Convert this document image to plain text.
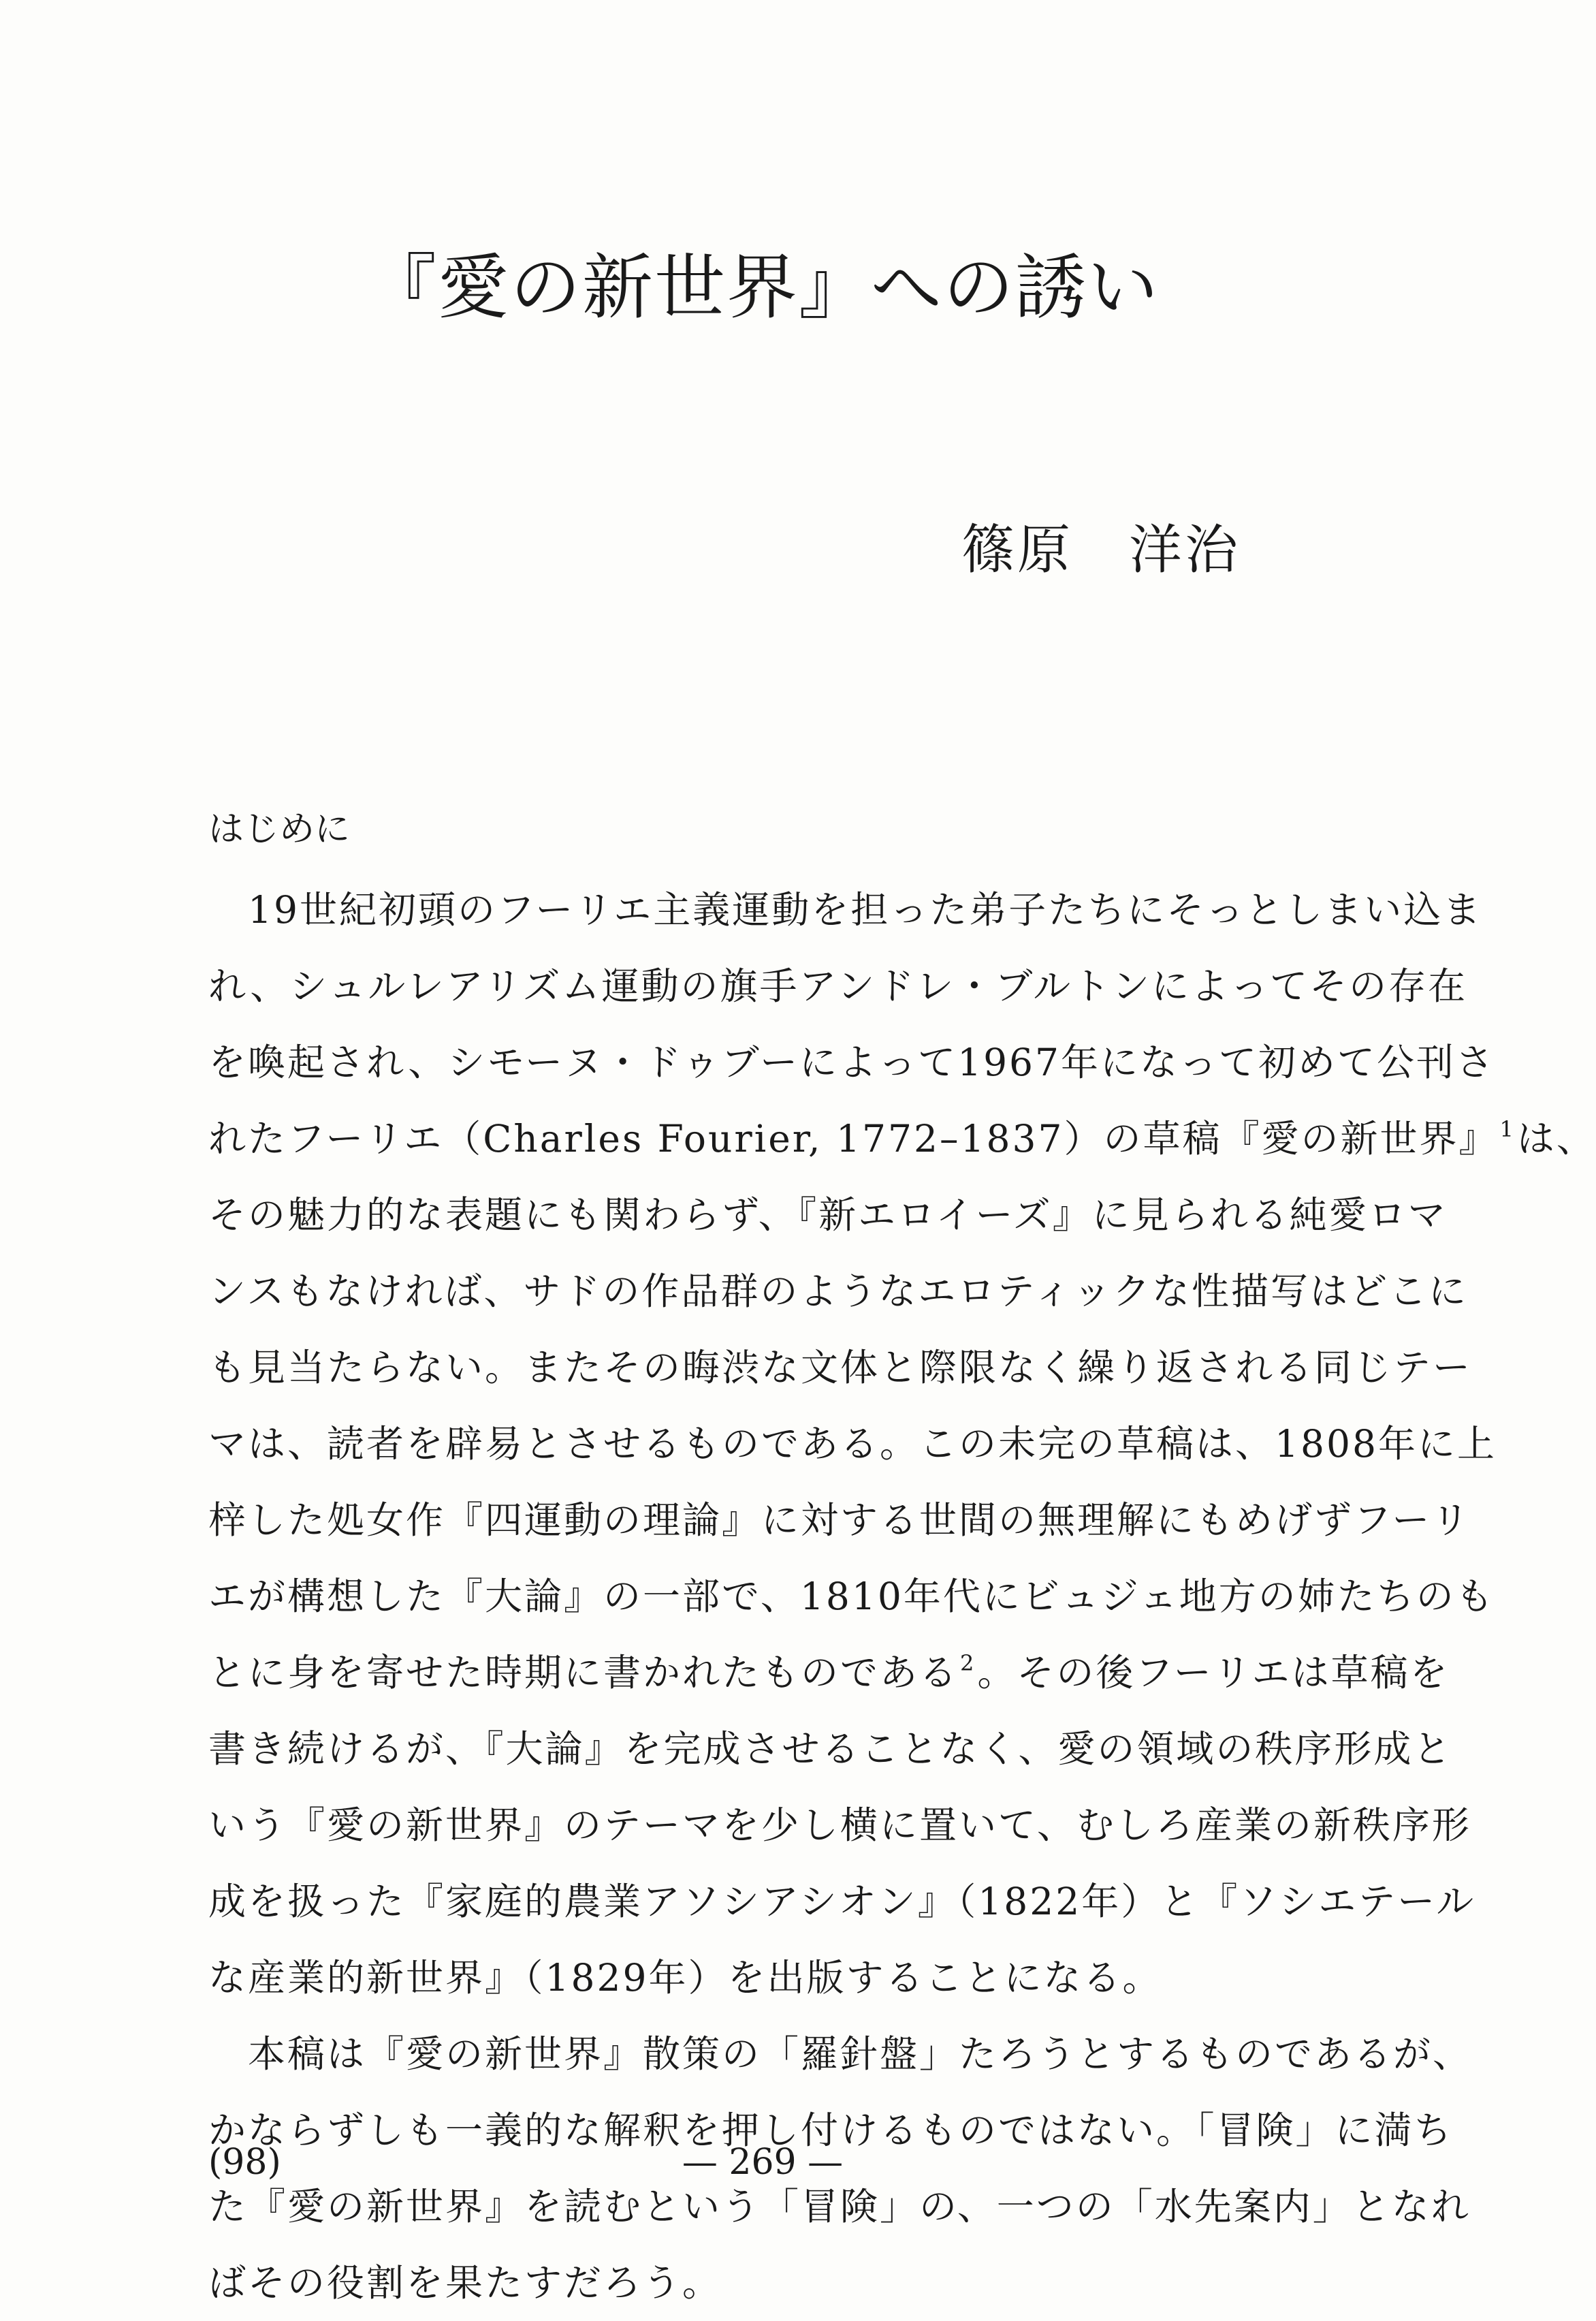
『愛の新世界』への誘い
篠原　洋治
はじめに
19世紀初頭のフーリエ主義運動を担った弟子たちにそっとしまい込ま
れ、シュルレアリズム運動の旗手アンドレ・ブルトンによってその存在
を喚起され、シモーヌ・ドゥブーによって1967年になって初めて公刊さ
れたフーリエ（Charles Fourier, 1772–1837）の草稿『愛の新世界』$^1$は、
その魅力的な表題にも関わらず、『新エロイーズ』に見られる純愛ロマ
ンスもなければ、サドの作品群のようなエロティックな性描写はどこに
も見当たらない。またその晦渋な文体と際限なく繰り返される同じテー
マは、読者を辟易とさせるものである。この未完の草稿は、1808年に上
梓した処女作『四運動の理論』に対する世間の無理解にもめげずフーリ
エが構想した『大論』の一部で、1810年代にビュジェ地方の姉たちのも
とに身を寄せた時期に書かれたものである$^2$。その後フーリエは草稿を
書き続けるが、『大論』を完成させることなく、愛の領域の秩序形成と
いう『愛の新世界』のテーマを少し横に置いて、むしろ産業の新秩序形
成を扱った『家庭的農業アソシアシオン』（1822年）と『ソシエテール
な産業的新世界』（1829年）を出版することになる。
本稿は『愛の新世界』散策の「羅針盤」たろうとするものであるが、
かならずしも一義的な解釈を押し付けるものではない。「冒険」に満ち
た『愛の新世界』を読むという「冒険」の、一つの「水先案内」となれ
ばその役割を果たすだろう。
(98)	— 269 —
